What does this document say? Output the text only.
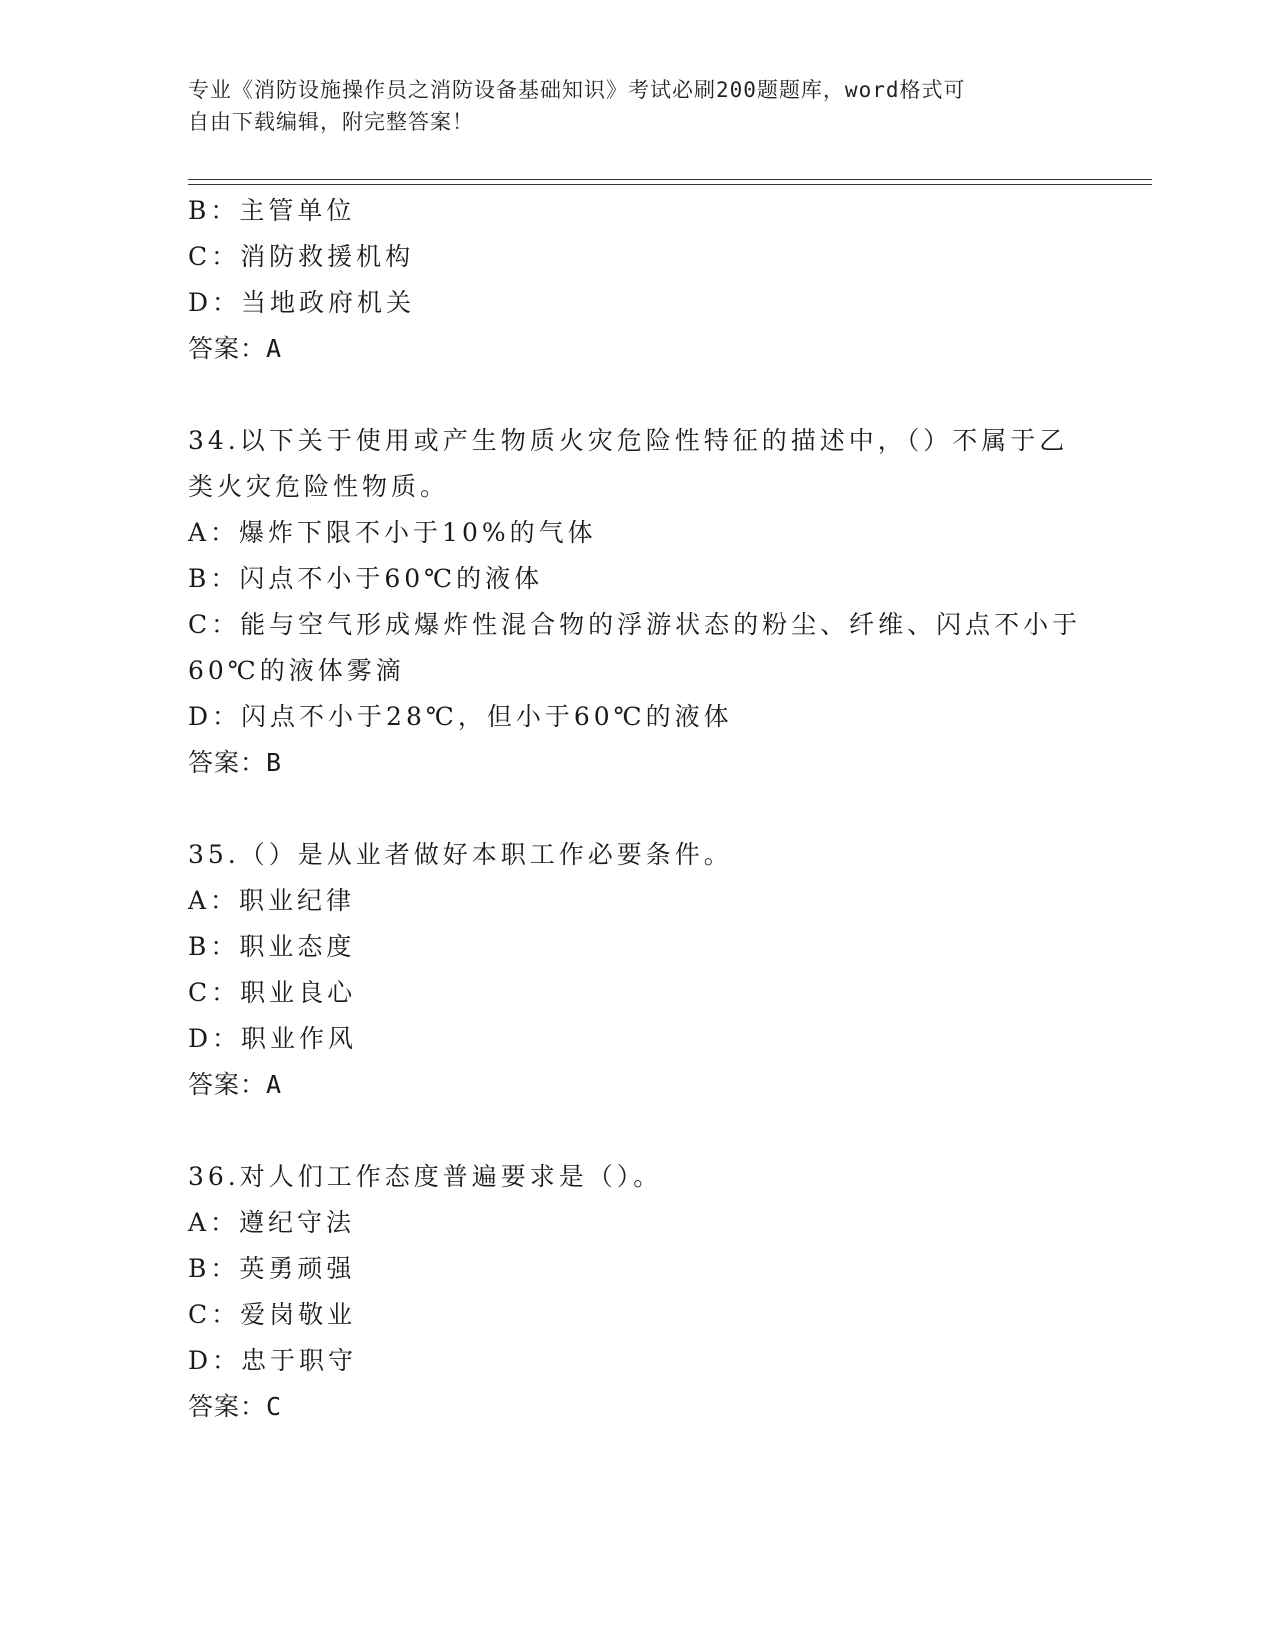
专业《消防设施操作员之消防设备基础知识》考试必刷200题题库，word格式可
自由下载编辑，附完整答案！
B：主管单位
C：消防救援机构
D：当地政府机关
答案：A
34.以下关于使用或产生物质火灾危险性特征的描述中，（）不属于乙
类火灾危险性物质。
A：爆炸下限不小于10%的气体
B：闪点不小于60℃的液体
C：能与空气形成爆炸性混合物的浮游状态的粉尘、纤维、闪点不小于
60℃的液体雾滴
D：闪点不小于28℃，但小于60℃的液体
答案：B
35.（）是从业者做好本职工作必要条件。
A：职业纪律
B：职业态度
C：职业良心
D：职业作风
答案：A
36.对人们工作态度普遍要求是（）。
A：遵纪守法
B：英勇顽强
C：爱岗敬业
D：忠于职守
答案：C
